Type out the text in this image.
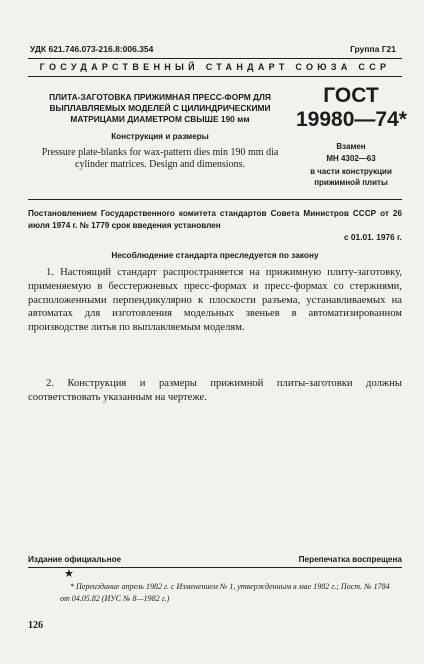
УДК 621.746.073-216.8:006.354	Группа Г21
ГОСУДАРСТВЕННЫЙ СТАНДАРТ СОЮЗА ССР
ПЛИТА-ЗАГОТОВКА ПРИЖИМНАЯ ПРЕСС-ФОРМ ДЛЯ ВЫПЛАВЛЯЕМЫХ МОДЕЛЕЙ С ЦИЛИНДРИЧЕСКИМИ МАТРИЦАМИ ДИАМЕТРОМ СВЫШЕ 190 мм
Конструкция и размеры
Pressure plate-blanks for wax-pattern dies min 190 mm dia cylinder matrices. Design and dimensions.
ГОСТ
19980—74*
Взамен
МН 4302—63
в части конструкции прижимной плиты
Постановлением Государственного комитета стандартов Совета Министров СССР от 26 июля 1974 г. № 1779 срок введения установлен
с 01.01. 1976 г.
Несоблюдение стандарта преследуется по закону
1. Настоящий стандарт распространяется на прижимную плиту-заготовку, применяемую в бесстержневых пресс-формах и пресс-формах со стержнями, расположенными перпендикулярно к плоскости разъема, устанавливаемых на автоматах для изготовления модельных звеньев в автоматизированном производстве литья по выплавляемым моделям.
2. Конструкция и размеры прижимной плиты-заготовки должны соответствовать указанным на чертеже.
Издание официальное	Перепечатка воспрещена
★
* Переиздание апрель 1982 г. с Изменением № 1, утвержденным в мае 1982 г.; Пост. № 1784 от 04.05.82 (ИУС № 8—1982 г.)
126
